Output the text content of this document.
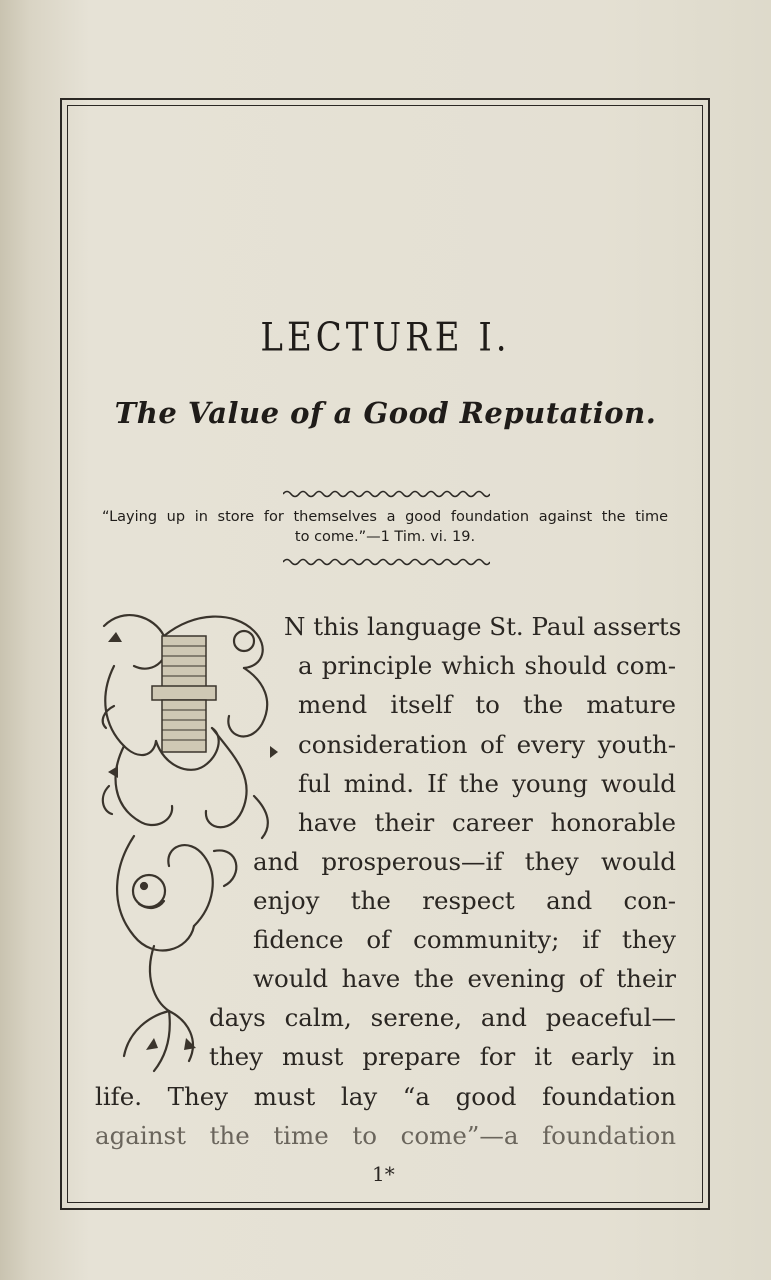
LECTURE I.
The Value of a Good Reputation.
“Laying up in store for themselves a good foundation against the time
to come.”—1 Tim. vi. 19.
N this language St. Paul asserts
a principle which should com-
mend itself to the mature
consideration of every youth-
ful mind. If the young would
have their career honorable
and prosperous—if they would
enjoy the respect and con-
fidence of community; if they
would have the evening of their
days calm, serene, and peaceful—
they must prepare for it early in
life. They must lay “a good foundation
against the time to come”—a foundation
1*
